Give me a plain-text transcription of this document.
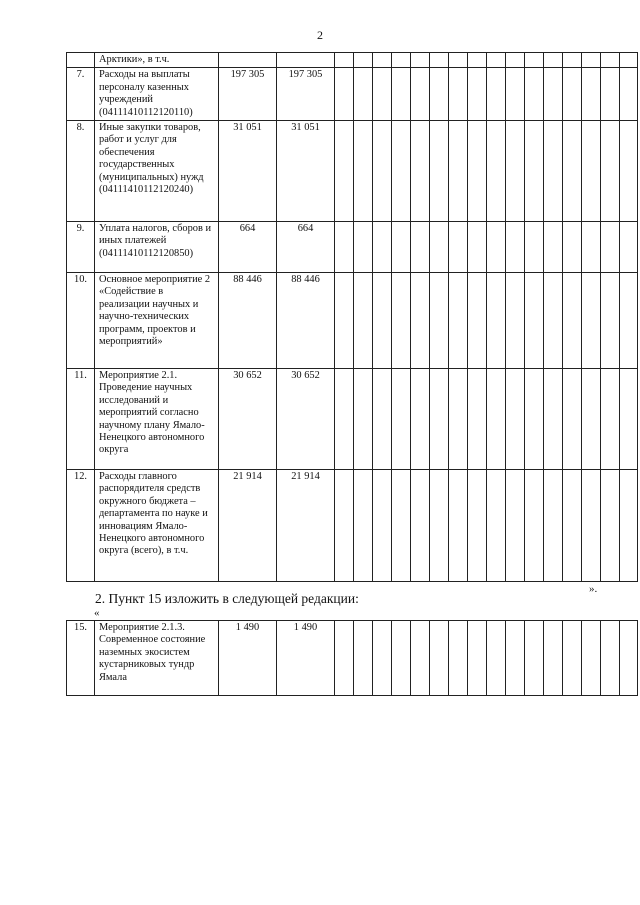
2
	Арктики», в т.ч.																		
7.	Расходы на выплаты персоналу казенных учреждений (04111410112120110)	197 305	197 305																
8.	Иные закупки товаров, работ и услуг для обеспечения государственных (муниципальных) нужд (04111410112120240)	31 051	31 051																
9.	Уплата налогов, сборов и иных платежей (04111410112120850)	664	664																
10.	Основное мероприятие 2 «Содействие в реализации научных и научно-технических программ, проектов и мероприятий»	88 446	88 446																
11.	Мероприятие 2.1. Проведение научных исследований и мероприятий согласно научному плану Ямало-Ненецкого автономного округа	30 652	30 652																
12.	Расходы главного распорядителя средств окружного бюджета – департамента по науке и инновациям Ямало-Ненецкого автономного округа (всего), в т.ч.	21 914	21 914																
».
2. Пункт 15 изложить в следующей редакции:
«
15.	Мероприятие 2.1.3. Современное состояние наземных экосистем кустарниковых тундр Ямала	1 490	1 490																
